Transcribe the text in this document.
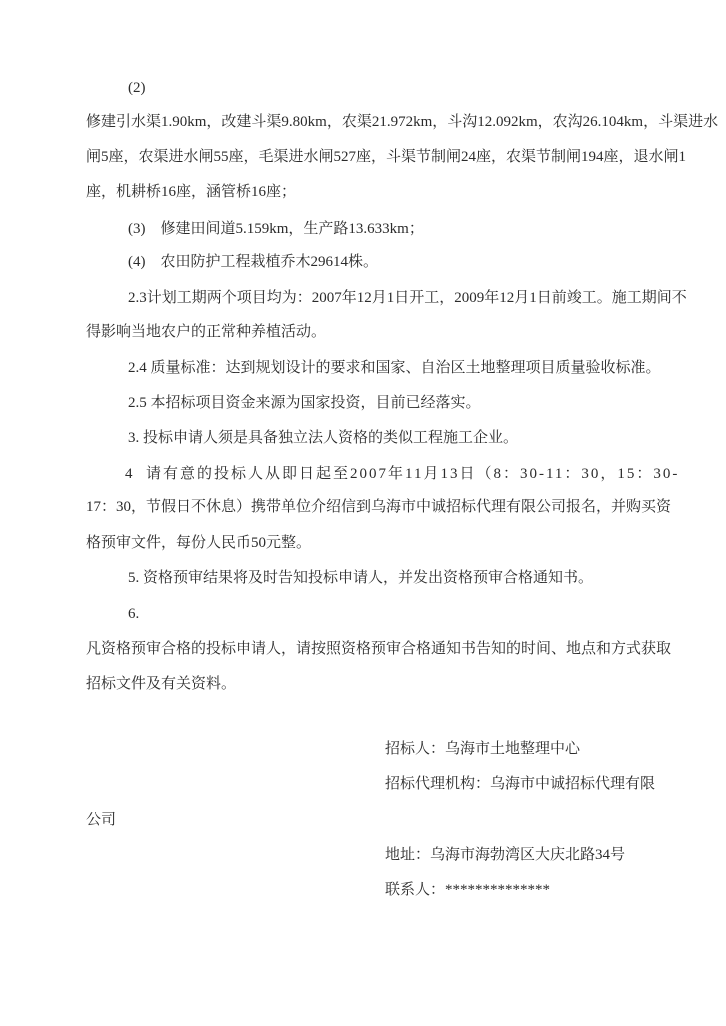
(2)
修建引水渠1.90km，改建斗渠9.80km，农渠21.972km，斗沟12.092km，农沟26.104km，斗渠进水
闸5座，农渠进水闸55座，毛渠进水闸527座，斗渠节制闸24座，农渠节制闸194座，退水闸1
座，机耕桥16座，涵管桥16座；
(3)　修建田间道5.159km，生产路13.633km；
(4)　农田防护工程栽植乔木29614株。
2.3计划工期两个项目均为：2007年12月1日开工，2009年12月1日前竣工。施工期间不
得影响当地农户的正常种养植活动。
2.4 质量标准：达到规划设计的要求和国家、自治区土地整理项目质量验收标准。
2.5 本招标项目资金来源为国家投资，目前已经落实。
3. 投标申请人须是具备独立法人资格的类似工程施工企业。
4  请有意的投标人从即日起至2007年11月13日（8：30-11：30，15：30-
17：30，节假日不休息）携带单位介绍信到乌海市中诚招标代理有限公司报名，并购买资
格预审文件，每份人民币50元整。
5. 资格预审结果将及时告知投标申请人，并发出资格预审合格通知书。
6.
凡资格预审合格的投标申请人，请按照资格预审合格通知书告知的时间、地点和方式获取
招标文件及有关资料。
招标人：乌海市土地整理中心
招标代理机构：乌海市中诚招标代理有限
公司
地址：乌海市海勃湾区大庆北路34号
联系人：**************
